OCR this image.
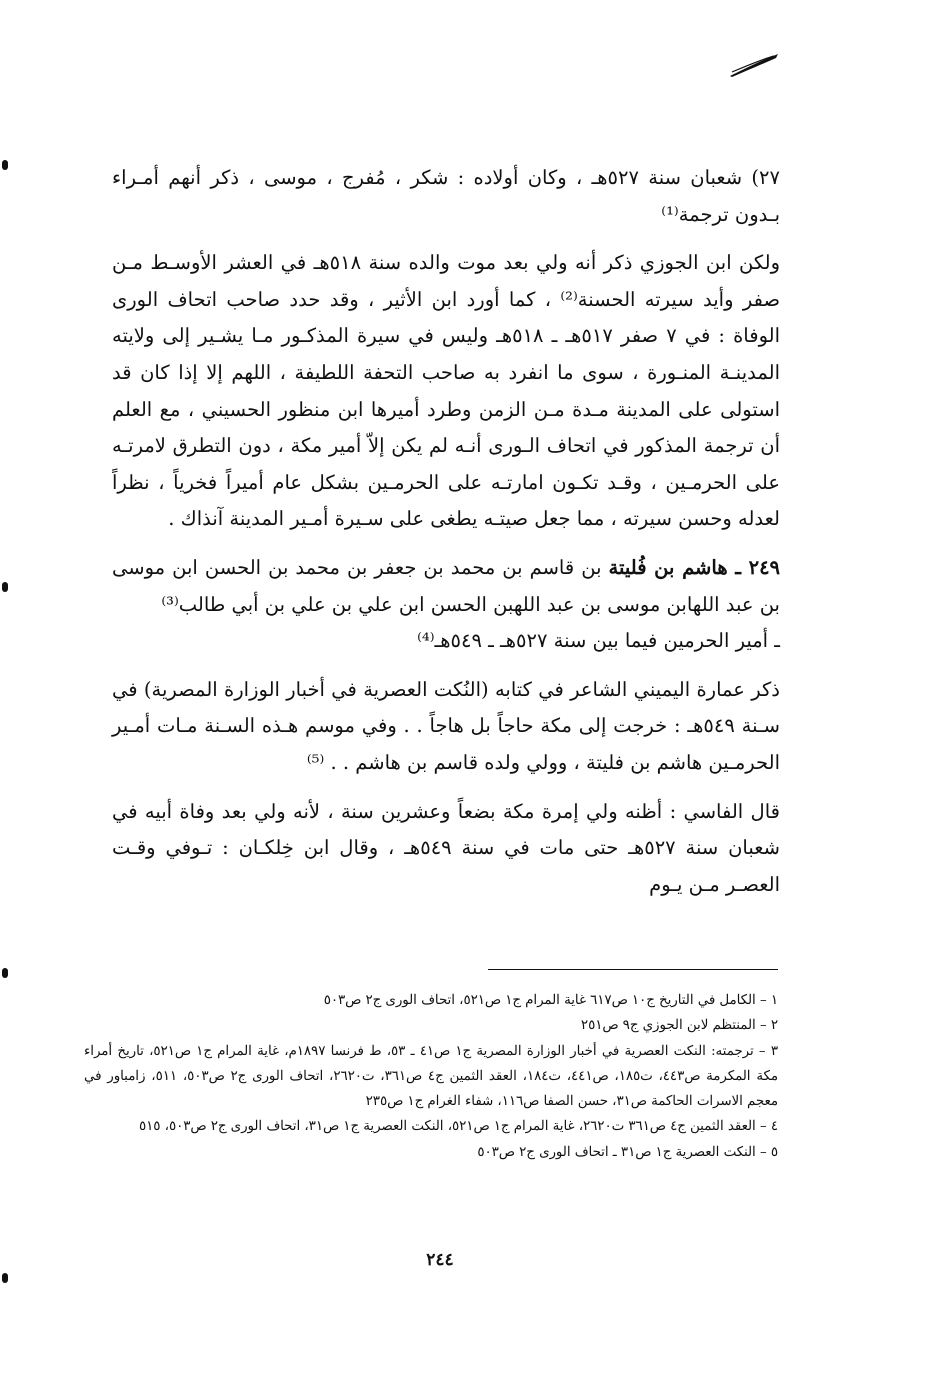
٢٧) شعبان سنة ٥٢٧هـ ، وكان أولاده : شكر ، مُفرج ، موسى ، ذكر أنهم أمـراء بـدون ترجمة⁽¹⁾

ولكن ابن الجوزي ذكر أنه ولي بعد موت والده سنة ٥١٨هـ في العشر الأوسـط مـن صفر وأيد سيرته الحسنة⁽²⁾ ، كما أورد ابن الأثير ، وقد حدد صاحب اتحاف الورى الوفاة : في ٧ صفر ٥١٧هـ ـ ٥١٨هـ وليس في سيرة المذكـور مـا يشـير إلى ولايته المدينـة المنـورة ، سوى ما انفرد به صاحب التحفة اللطيفة ، اللهم إلا إذا كان قد استولى على المدينة مـدة مـن الزمن وطرد أميرها ابن منظور الحسيني ، مع العلم أن ترجمة المذكور في اتحاف الـورى أنـه لم يكن إلاّ أمير مكة ، دون التطرق لامرتـه على الحرمـين ، وقـد تكـون امارتـه على الحرمـين بشكل عام أميراً فخرياً ، نظراً لعدله وحسن سيرته ، مما جعل صيتـه يطغى على سـيرة أمـير المدينة آنذاك .

٢٤٩ ـ هاشم بن فُليتة بن قاسم بن محمد بن جعفر بن محمد بن الحسن ابن موسى بن عبد اللهابن موسى بن عبد اللهبن الحسن ابن علي بن علي بن أبي طالب⁽³⁾

ـ أمير الحرمين فيما بين سنة ٥٢٧هـ ـ ٥٤٩هـ⁽⁴⁾

ذكر عمارة اليميني الشاعر في كتابه (النُكت العصرية في أخبار الوزارة المصرية) في سـنة ٥٤٩هـ : خرجت إلى مكة حاجاً بل هاجاً . . وفي موسم هـذه السـنة مـات أمـير الحرمـين هاشم بن فليتة ، وولي ولده قاسم بن هاشم . . ⁽⁵⁾

قال الفاسي : أظنه ولي إمرة مكة بضعاً وعشرين سنة ، لأنه ولي بعد وفاة أبيه في شعبان سنة ٥٢٧هـ حتى مات في سنة ٥٤٩هـ ، وقال ابن خِلكـان : تـوفي وقـت العصـر مـن يـوم

١ – الكامل في التاريخ ج١٠ ص٦١٧ غاية المرام ج١ ص٥٢١، اتحاف الورى ج٢ ص٥٠٣

٢ – المنتظم لابن الجوزي ج٩ ص٢٥١

٣ – ترجمته: النكت العصرية في أخبار الوزارة المصرية ج١ ص٤١ ـ ٥٣، ط فرنسا ١٨٩٧م، غاية المرام ج١ ص٥٢١، تاريخ أمراء مكة المكرمة ص٤٤٣، ت١٨٥، ص٤٤١، ت١٨٤، العقد الثمين ج٤ ص٣٦١، ت٢٦٢٠، اتحاف الورى ج٢ ص٥٠٣، ٥١١، زامباور في معجم الاسرات الحاكمة ص٣١، حسن الصفا ص١١٦، شفاء الغرام ج١ ص٢٣٥

٤ – العقد الثمين ج٤ ص٣٦١ ت٢٦٢٠، غاية المرام ج١ ص٥٢١، النكت العصرية ج١ ص٣١، اتحاف الورى ج٢ ص٥٠٣، ٥١٥

٥ – النكت العصرية ج١ ص٣١ ـ اتحاف الورى ج٢ ص٥٠٣

٢٤٤
